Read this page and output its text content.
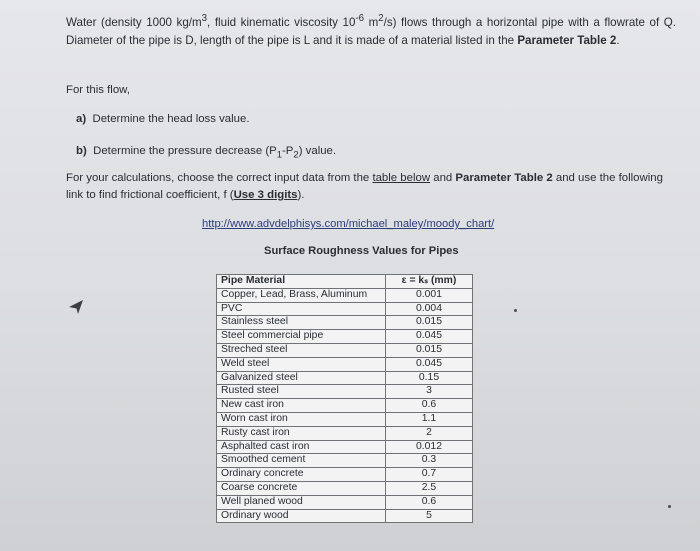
Water (density 1000 $kg/m^3$, fluid kinematic viscosity $10^{-6}$ $m^2/s$) flows through a horizontal pipe with a flowrate of Q. Diameter of the pipe is D, length of the pipe is L and it is made of a material listed in the Parameter Table 2.
For this flow,
a) Determine the head loss value.
b) Determine the pressure decrease $(P_1-P_2)$ value.
For your calculations, choose the correct input data from the table below and Parameter Table 2 and use the following link to find frictional coefficient, f (Use 3 digits).
http://www.advdelphisys.com/michael_maley/moody_chart/
Surface Roughness Values for Pipes
Pipe Material	ε = kₛ (mm)
Copper, Lead, Brass, Aluminum	0.001
PVC	0.004
Stainless steel	0.015
Steel commercial pipe	0.045
Streched steel	0.015
Weld steel	0.045
Galvanized steel	0.15
Rusted steel	3
New cast iron	0.6
Worn cast iron	1.1
Rusty cast iron	2
Asphalted cast iron	0.012
Smoothed cement	0.3
Ordinary concrete	0.7
Coarse concrete	2.5
Well planed wood	0.6
Ordinary wood	5
